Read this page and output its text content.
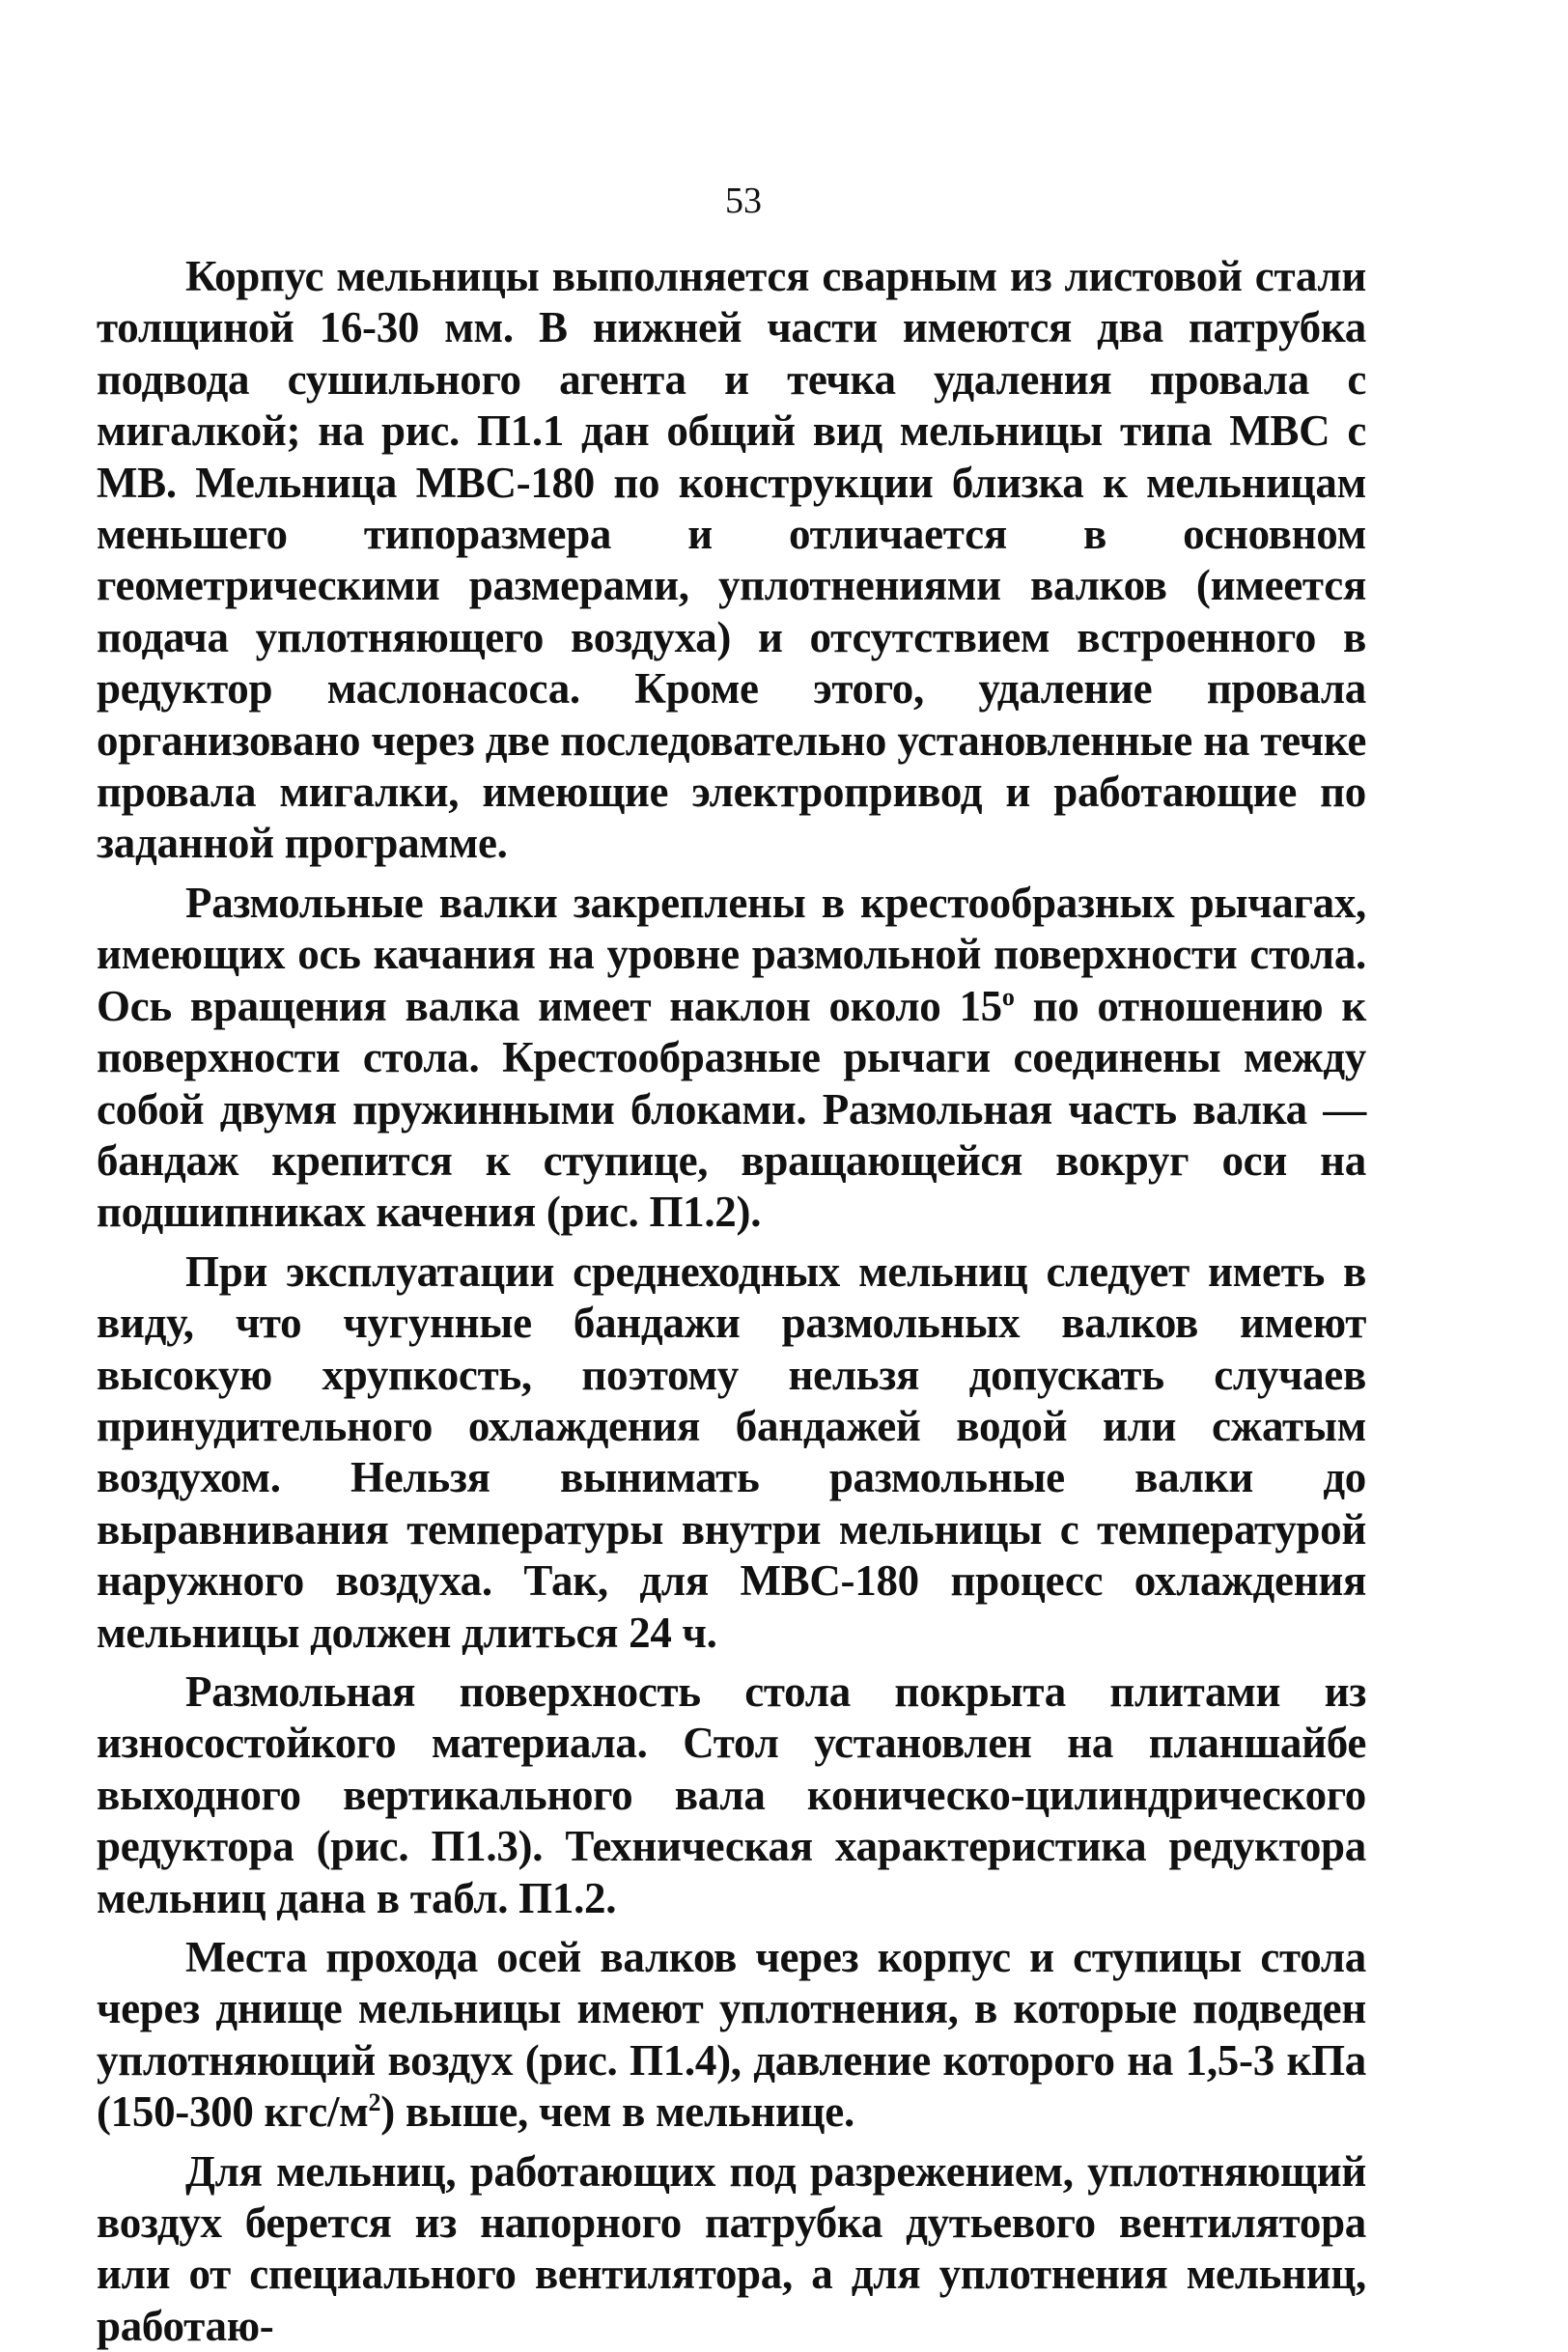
53

Корпус мельницы выполняется сварным из листовой стали толщиной 16-30 мм. В нижней части имеются два патрубка подвода сушильного агента и течка удаления провала с мигалкой; на рис. П1.1 дан общий вид мельницы типа МВС с МВ. Мельница МВС-180 по конструкции близка к мельницам меньшего типоразмера и отличается в основном геометрическими размерами, уплотнениями валков (имеется подача уплотняющего воздуха) и отсутствием встроенного в редуктор маслонасоса. Кроме этого, удаление провала организовано через две последовательно установленные на течке провала мигалки, имеющие электропривод и работающие по заданной программе.

Размольные валки закреплены в крестообразных рычагах, имеющих ось качания на уровне размольной поверхности стола. Ось вращения валка имеет наклон около $15^о$ по отношению к поверхности стола. Крестообразные рычаги соединены между собой двумя пружинными блоками. Размольная часть валка — бандаж крепится к ступице, вращающейся вокруг оси на подшипниках качения (рис. П1.2).

При эксплуатации среднеходных мельниц следует иметь в виду, что чугунные бандажи размольных валков имеют высокую хрупкость, поэтому нельзя допускать случаев принудительного охлаждения бандажей водой или сжатым воздухом. Нельзя вынимать размольные валки до выравнивания температуры внутри мельницы с температурой наружного воздуха. Так, для МВС-180 процесс охлаждения мельницы должен длиться 24 ч.

Размольная поверхность стола покрыта плитами из износостойкого материала. Стол установлен на планшайбе выходного вертикального вала коническо-цилиндрического редуктора (рис. П1.3). Техническая характеристика редуктора мельниц дана в табл. П1.2.

Места прохода осей валков через корпус и ступицы стола через днище мельницы имеют уплотнения, в которые подведен уплотняющий воздух (рис. П1.4), давление которого на 1,5-3 кПа (150-300 кгс/$м^2$) выше, чем в мельнице.

Для мельниц, работающих под разрежением, уплотняющий воздух берется из напорного патрубка дутьевого вентилятора или от специального вентилятора, а для уплотнения мельниц, работаю-
